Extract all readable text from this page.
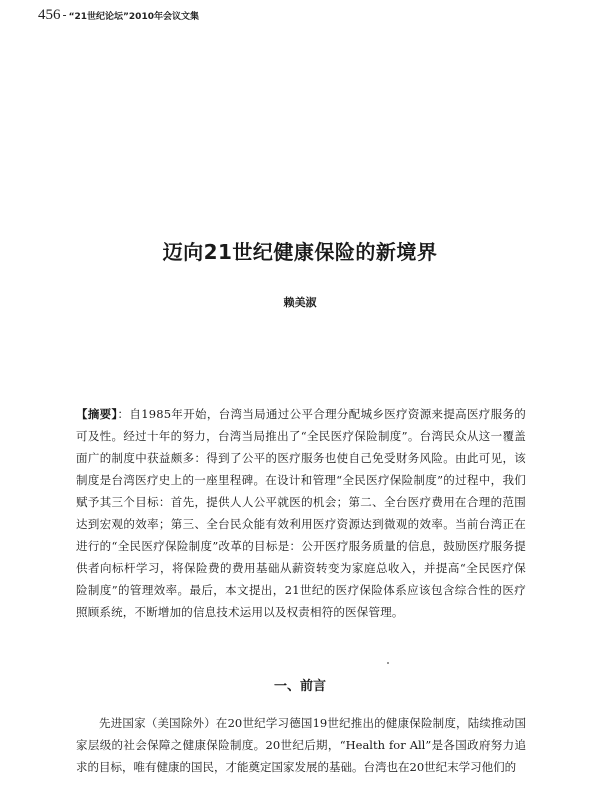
456 - “21世纪论坛”2010年会议文集
迈向21世纪健康保险的新境界
赖美淑
【摘要】：自1985年开始，台湾当局通过公平合理分配城乡医疗资源来提高医疗服务的可及性。经过十年的努力，台湾当局推出了“全民医疗保险制度”。台湾民众从这一覆盖面广的制度中获益颇多：得到了公平的医疗服务也使自己免受财务风险。由此可见，该制度是台湾医疗史上的一座里程碑。在设计和管理“全民医疗保险制度”的过程中，我们赋予其三个目标：首先，提供人人公平就医的机会；第二、全台医疗费用在合理的范围达到宏观的效率；第三、全台民众能有效利用医疗资源达到微观的效率。当前台湾正在进行的“全民医疗保险制度”改革的目标是：公开医疗服务质量的信息，鼓励医疗服务提供者向标杆学习，将保险费的费用基础从薪资转变为家庭总收入，并提高“全民医疗保险制度”的管理效率。最后，本文提出，21世纪的医疗保险体系应该包含综合性的医疗照顾系统，不断增加的信息技术运用以及权责相符的医保管理。
一、前言
先进国家（美国除外）在20世纪学习德国19世纪推出的健康保险制度，陆续推动国家层级的社会保障之健康保险制度。20世纪后期，“Health for All”是各国政府努力追求的目标，唯有健康的国民，才能奠定国家发展的基础。台湾也在20世纪末学习他们的
